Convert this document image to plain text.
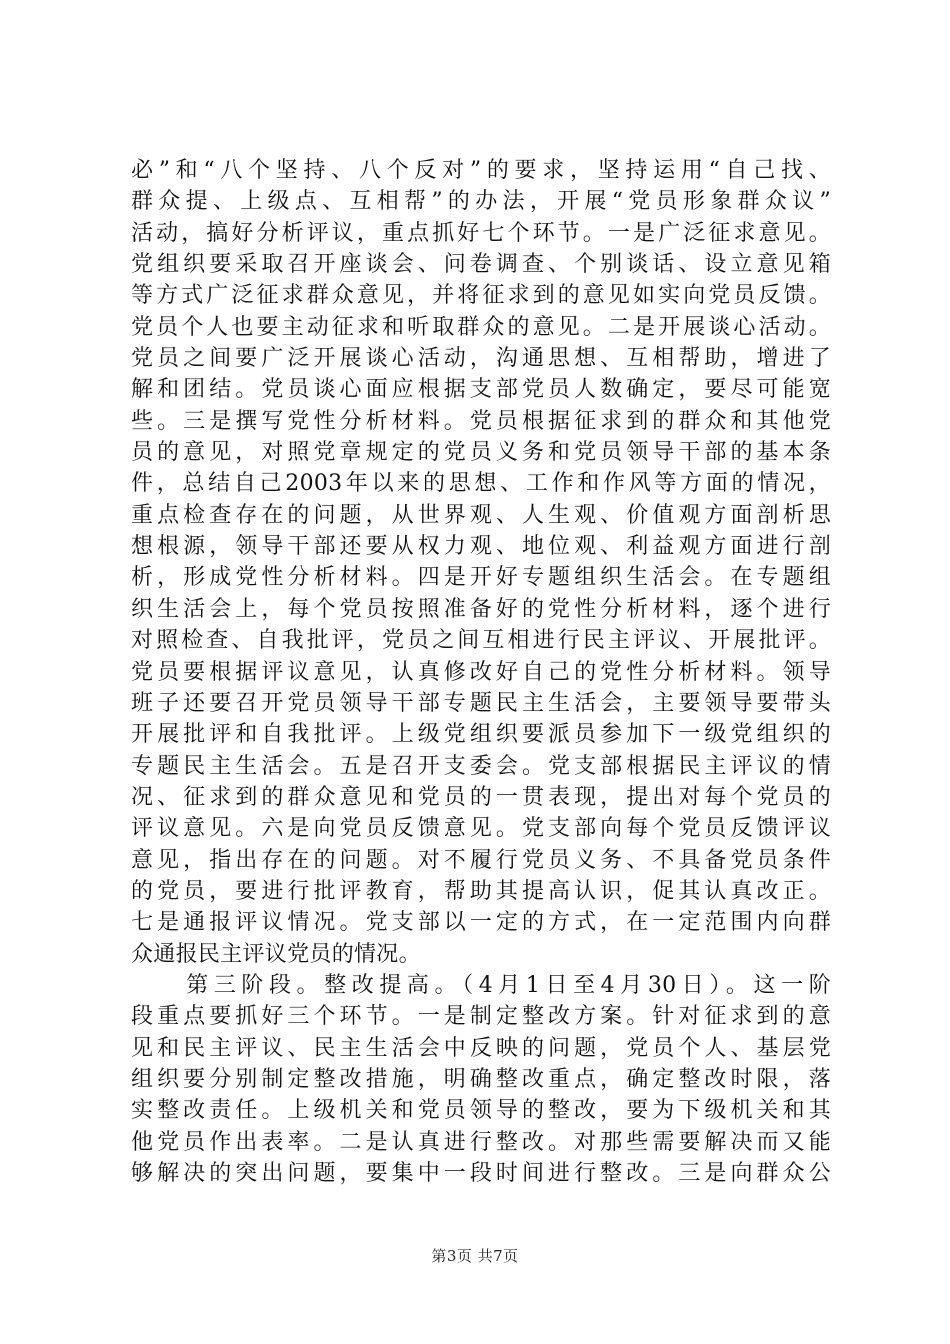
必”和“八个坚持、八个反对”的要求，坚持运用“自己找、
群众提、上级点、互相帮”的办法，开展“党员形象群众议”
活动，搞好分析评议，重点抓好七个环节。一是广泛征求意见。
党组织要采取召开座谈会、问卷调查、个别谈话、设立意见箱
等方式广泛征求群众意见，并将征求到的意见如实向党员反馈。
党员个人也要主动征求和听取群众的意见。二是开展谈心活动。
党员之间要广泛开展谈心活动，沟通思想、互相帮助，增进了
解和团结。党员谈心面应根据支部党员人数确定，要尽可能宽
些。三是撰写党性分析材料。党员根据征求到的群众和其他党
员的意见，对照党章规定的党员义务和党员领导干部的基本条
件，总结自己2003年以来的思想、工作和作风等方面的情况，
重点检查存在的问题，从世界观、人生观、价值观方面剖析思
想根源，领导干部还要从权力观、地位观、利益观方面进行剖
析，形成党性分析材料。四是开好专题组织生活会。在专题组
织生活会上，每个党员按照准备好的党性分析材料，逐个进行
对照检查、自我批评，党员之间互相进行民主评议、开展批评。
党员要根据评议意见，认真修改好自己的党性分析材料。领导
班子还要召开党员领导干部专题民主生活会，主要领导要带头
开展批评和自我批评。上级党组织要派员参加下一级党组织的
专题民主生活会。五是召开支委会。党支部根据民主评议的情
况、征求到的群众意见和党员的一贯表现，提出对每个党员的
评议意见。六是向党员反馈意见。党支部向每个党员反馈评议
意见，指出存在的问题。对不履行党员义务、不具备党员条件
的党员，要进行批评教育，帮助其提高认识，促其认真改正。
七是通报评议情况。党支部以一定的方式，在一定范围内向群
众通报民主评议党员的情况。
　　第三阶段。整改提高。（4月1日至4月30日）。这一阶
段重点要抓好三个环节。一是制定整改方案。针对征求到的意
见和民主评议、民主生活会中反映的问题，党员个人、基层党
组织要分别制定整改措施，明确整改重点，确定整改时限，落
实整改责任。上级机关和党员领导的整改，要为下级机关和其
他党员作出表率。二是认真进行整改。对那些需要解决而又能
够解决的突出问题，要集中一段时间进行整改。三是向群众公
第3页 共7页
